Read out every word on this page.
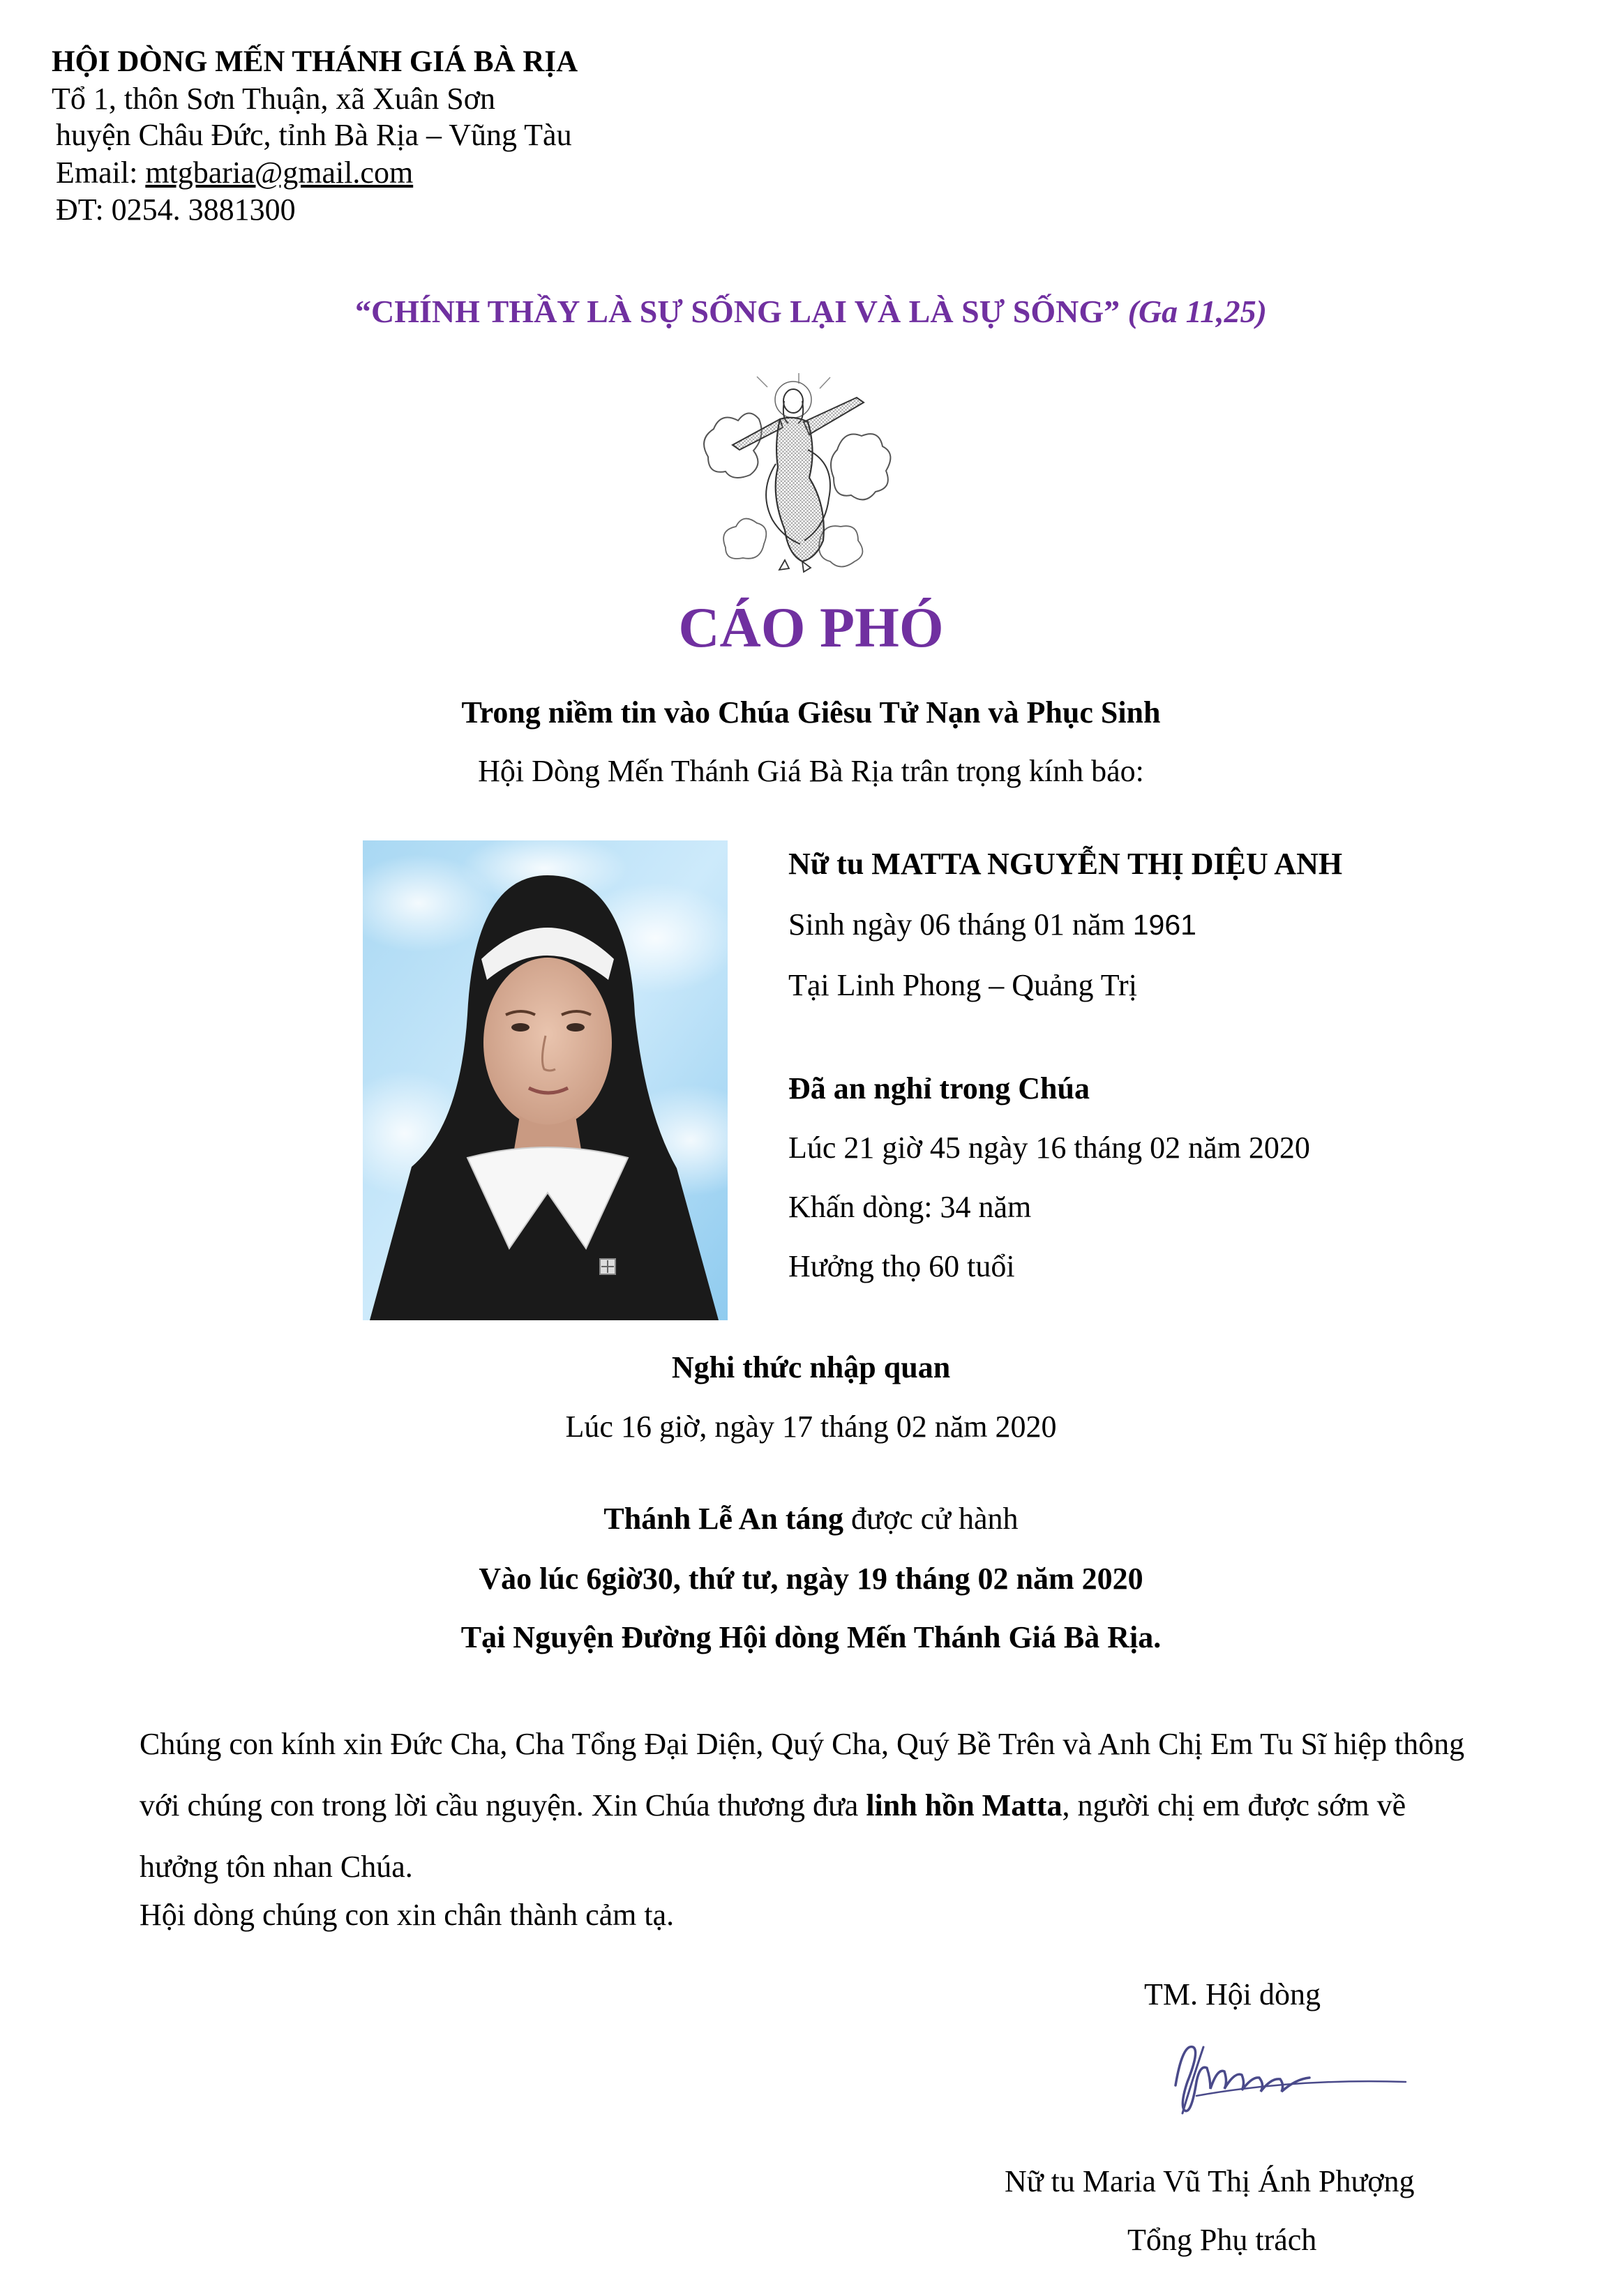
HỘI DÒNG MẾN THÁNH GIÁ BÀ RỊA
Tổ 1, thôn Sơn Thuận, xã Xuân Sơn
huyện Châu Đức, tỉnh Bà Rịa – Vũng Tàu
Email: mtgbaria@gmail.com
ĐT: 0254. 3881300
“CHÍNH THẦY LÀ SỰ SỐNG LẠI VÀ LÀ SỰ SỐNG” (Ga 11,25)
CÁO PHÓ
Trong niềm tin vào Chúa Giêsu Tử Nạn và Phục Sinh
Hội Dòng Mến Thánh Giá Bà Rịa trân trọng kính báo:
Nữ tu MATTA NGUYỄN THỊ DIỆU ANH
Sinh ngày 06 tháng 01 năm 1961
Tại Linh Phong – Quảng Trị
Đã an nghỉ trong Chúa
Lúc 21 giờ 45 ngày 16 tháng 02 năm 2020
Khấn dòng: 34 năm
Hưởng thọ 60 tuổi
Nghi thức nhập quan
Lúc 16 giờ, ngày 17 tháng 02 năm 2020
Thánh Lễ An táng được cử hành
Vào lúc 6giờ30, thứ tư, ngày 19 tháng 02 năm 2020
Tại Nguyện Đường Hội dòng Mến Thánh Giá Bà Rịa.
Chúng con kính xin Đức Cha, Cha Tổng Đại Diện, Quý Cha, Quý Bề Trên và Anh Chị Em Tu Sĩ hiệp thông với chúng con trong lời cầu nguyện. Xin Chúa thương đưa linh hồn Matta, người chị em được sớm về hưởng tôn nhan Chúa.
Hội dòng chúng con xin chân thành cảm tạ.
TM. Hội dòng
Nữ tu Maria Vũ Thị Ánh Phượng
Tổng Phụ trách
